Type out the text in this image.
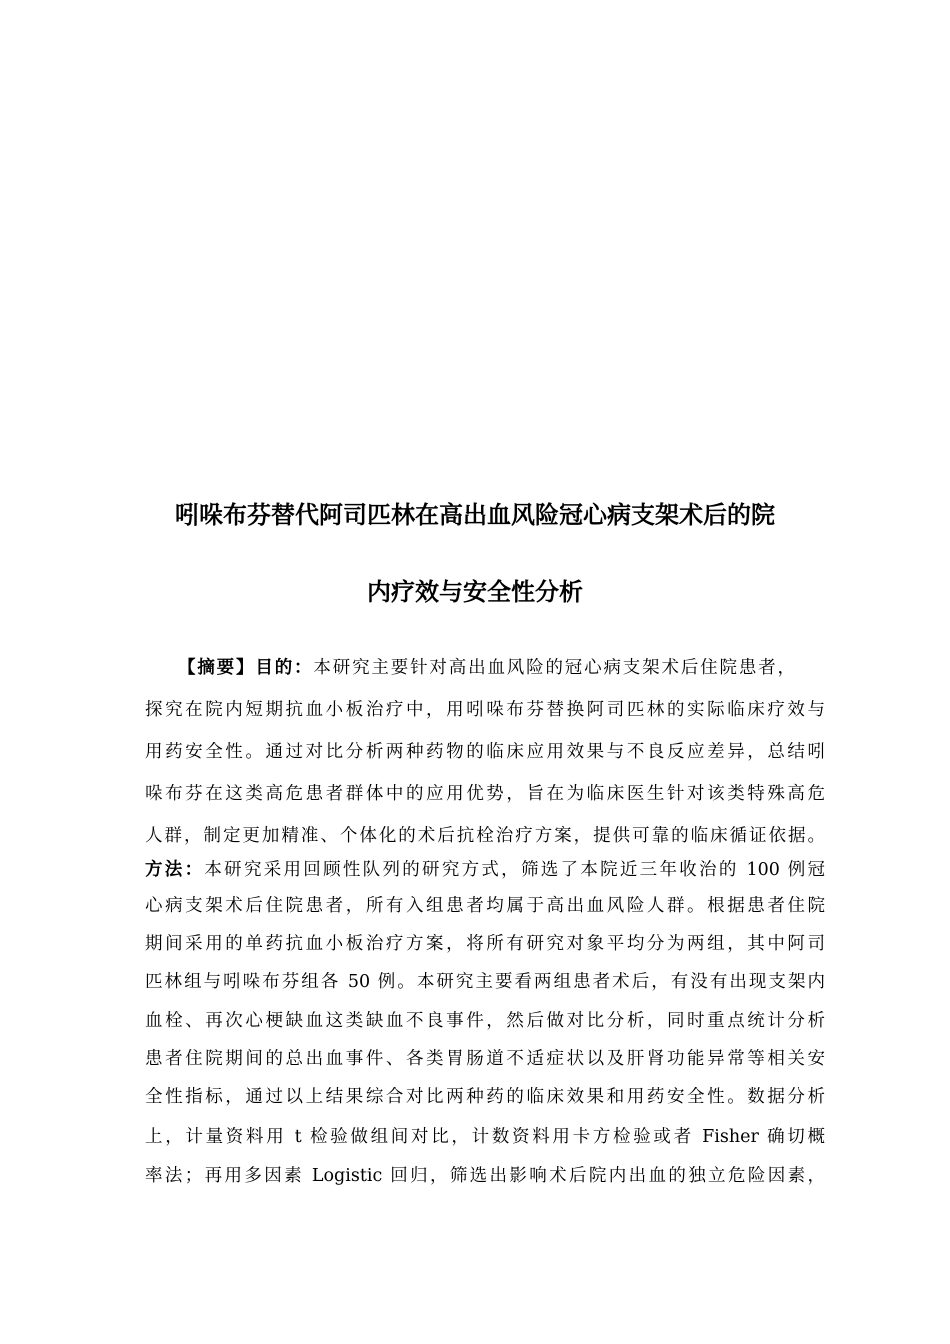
吲哚布芬替代阿司匹林在高出血风险冠心病支架术后的院
内疗效与安全性分析
【摘要】目的：本研究主要针对高出血风险的冠心病支架术后住院患者，
探究在院内短期抗血小板治疗中，用吲哚布芬替换阿司匹林的实际临床疗效与
用药安全性。通过对比分析两种药物的临床应用效果与不良反应差异，总结吲
哚布芬在这类高危患者群体中的应用优势，旨在为临床医生针对该类特殊高危
人群，制定更加精准、个体化的术后抗栓治疗方案，提供可靠的临床循证依据。
方法：本研究采用回顾性队列的研究方式，筛选了本院近三年收治的 100 例冠
心病支架术后住院患者，所有入组患者均属于高出血风险人群。根据患者住院
期间采用的单药抗血小板治疗方案，将所有研究对象平均分为两组，其中阿司
匹林组与吲哚布芬组各 50 例。本研究主要看两组患者术后，有没有出现支架内
血栓、再次心梗缺血这类缺血不良事件，然后做对比分析，同时重点统计分析
患者住院期间的总出血事件、各类胃肠道不适症状以及肝肾功能异常等相关安
全性指标，通过以上结果综合对比两种药的临床效果和用药安全性。数据分析
上，计量资料用 t 检验做组间对比，计数资料用卡方检验或者 Fisher 确切概
率法；再用多因素 Logistic 回归，筛选出影响术后院内出血的独立危险因素，
